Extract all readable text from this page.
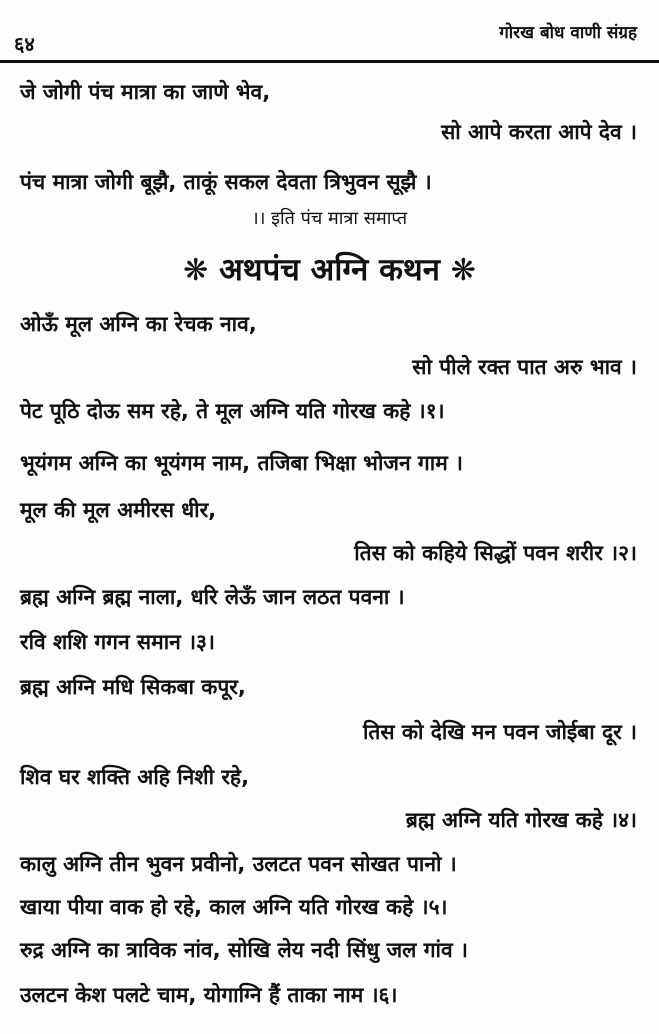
६४	गोरख बोध वाणी संग्रह
जे जोगी पंच मात्रा का जाणे भेव,
सो आपे करता आपे देव ।
पंच मात्रा जोगी बूझै, ताकूं सकल देवता त्रिभुवन सूझै ।
।। इति पंच मात्रा समाप्त
❋ अथपंच अग्नि कथन ❋
ओऊँ मूल अग्नि का रेचक नाव,
सो पीले रक्त पात अरु भाव ।
पेट पूठि दोऊ सम रहे, ते मूल अग्नि यति गोरख कहे ।१।
भूयंगम अग्नि का भूयंगम नाम, तजिबा भिक्षा भोजन गाम ।
मूल की मूल अमीरस धीर,
तिस को कहिये सिद्धों पवन शरीर ।२।
ब्रह्म अग्नि ब्रह्म नाला, धरि लेऊँ जान लठत पवना ।
रवि शशि गगन समान ।३।
ब्रह्म अग्नि मधि सिकबा कपूर,
तिस को देखि मन पवन जोईबा दूर ।
शिव घर शक्ति अहि निशी रहे,
ब्रह्म अग्नि यति गोरख कहे ।४।
कालु अग्नि तीन भुवन प्रवीनो, उलटत पवन सोखत पानो ।
खाया पीया वाक हो रहे, काल अग्नि यति गोरख कहे ।५।
रुद्र अग्नि का त्राविक नांव, सोखि लेय नदी सिंधु जल गांव ।
उलटन केश पलटे चाम, योगाग्नि हैं ताका नाम ।६।
